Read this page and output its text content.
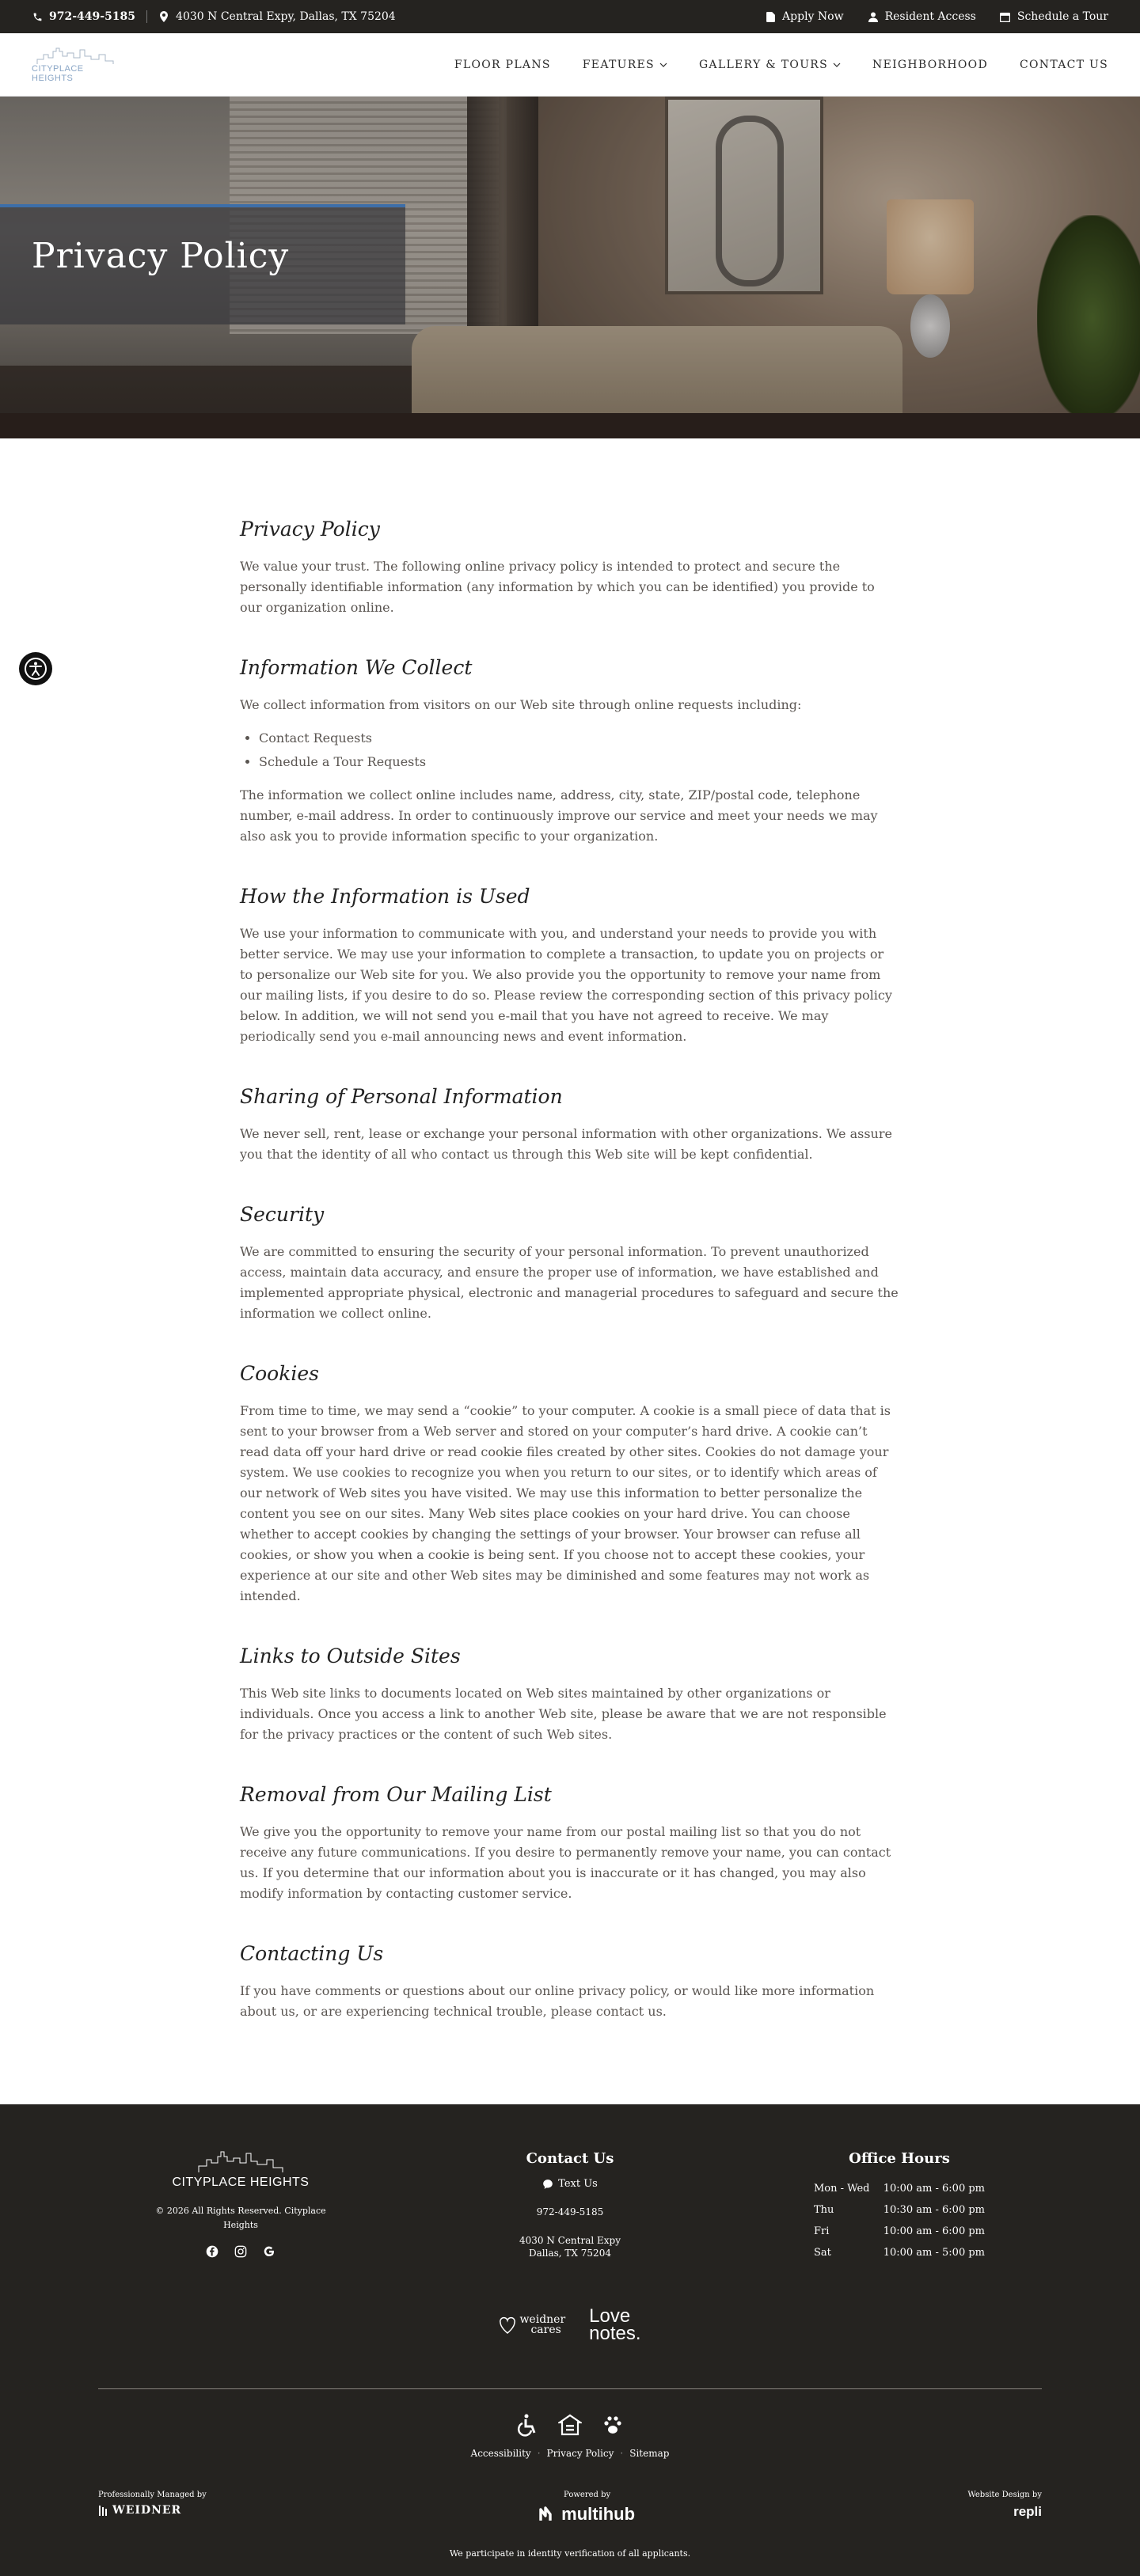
972-449-5185	4030 N Central Expy, Dallas, TX 75204	Apply Now	Resident Access	Schedule a Tour
CITYPLACE HEIGHTS
FLOOR PLANS	FEATURES	GALLERY & TOURS	NEIGHBORHOOD	CONTACT US
Privacy Policy
Privacy Policy

We value your trust. The following online privacy policy is intended to protect and secure the personally identifiable information (any information by which you can be identified) you provide to our organization online.

Information We Collect

We collect information from visitors on our Web site through online requests including:

• Contact Requests
• Schedule a Tour Requests

The information we collect online includes name, address, city, state, ZIP/postal code, telephone number, e-mail address. In order to continuously improve our service and meet your needs we may also ask you to provide information specific to your organization.

How the Information is Used

We use your information to communicate with you, and understand your needs to provide you with better service. We may use your information to complete a transaction, to update you on projects or to personalize our Web site for you. We also provide you the opportunity to remove your name from our mailing lists, if you desire to do so. Please review the corresponding section of this privacy policy below. In addition, we will not send you e-mail that you have not agreed to receive. We may periodically send you e-mail announcing news and event information.

Sharing of Personal Information

We never sell, rent, lease or exchange your personal information with other organizations. We assure you that the identity of all who contact us through this Web site will be kept confidential.

Security

We are committed to ensuring the security of your personal information. To prevent unauthorized access, maintain data accuracy, and ensure the proper use of information, we have established and implemented appropriate physical, electronic and managerial procedures to safeguard and secure the information we collect online.

Cookies

From time to time, we may send a “cookie” to your computer. A cookie is a small piece of data that is sent to your browser from a Web server and stored on your computer’s hard drive. A cookie can’t read data off your hard drive or read cookie files created by other sites. Cookies do not damage your system. We use cookies to recognize you when you return to our sites, or to identify which areas of our network of Web sites you have visited. We may use this information to better personalize the content you see on our sites. Many Web sites place cookies on your hard drive. You can choose whether to accept cookies by changing the settings of your browser. Your browser can refuse all cookies, or show you when a cookie is being sent. If you choose not to accept these cookies, your experience at our site and other Web sites may be diminished and some features may not work as intended.

Links to Outside Sites

This Web site links to documents located on Web sites maintained by other organizations or individuals. Once you access a link to another Web site, please be aware that we are not responsible for the privacy practices or the content of such Web sites.

Removal from Our Mailing List

We give you the opportunity to remove your name from our postal mailing list so that you do not receive any future communications. If you desire to permanently remove your name, you can contact us. If you determine that our information about you is inaccurate or it has changed, you may also modify information by contacting customer service.

Contacting Us

If you have comments or questions about our online privacy policy, or would like more information about us, or are experiencing technical trouble, please contact us.

CITYPLACE HEIGHTS
© 2026 All Rights Reserved. Cityplace Heights
Contact Us
Text Us
972-449-5185
4030 N Central Expy
Dallas, TX 75204
Office Hours
Mon - Wed 10:00 am - 6:00 pm
Thu	10:30 am - 6:00 pm
Fri	10:00 am - 6:00 pm
Sat	10:00 am - 5:00 pm
weidner
cares
Love
notes.
Accessibility · Privacy Policy · Sitemap
Professionally Managed by
WEIDNER
Powered by
multihub
Website Design by
repli
We participate in identity verification of all applicants.
